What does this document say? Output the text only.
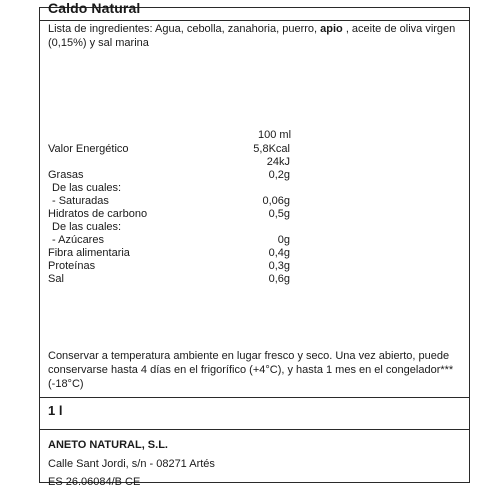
Caldo Natural
Lista de ingredientes: Agua, cebolla, zanahoria, puerro, apio , aceite de oliva virgen (0,15%) y sal marina
100 ml
Valor Energético	5,8Kcal
24kJ
Grasas	0,2g
De las cuales:
- Saturadas	0,06g
Hidratos de carbono	0,5g
De las cuales:
- Azúcares	0g
Fibra alimentaria	0,4g
Proteínas	0,3g
Sal	0,6g
Conservar a temperatura ambiente en lugar fresco y seco. Una vez abierto, puede conservarse hasta 4 días en el frigorífico (+4°C), y hasta 1 mes en el congelador*** (-18°C)
1 l
ANETO NATURAL, S.L.
Calle Sant Jordi, s/n - 08271 Artés
ES 26.06084/B CE
